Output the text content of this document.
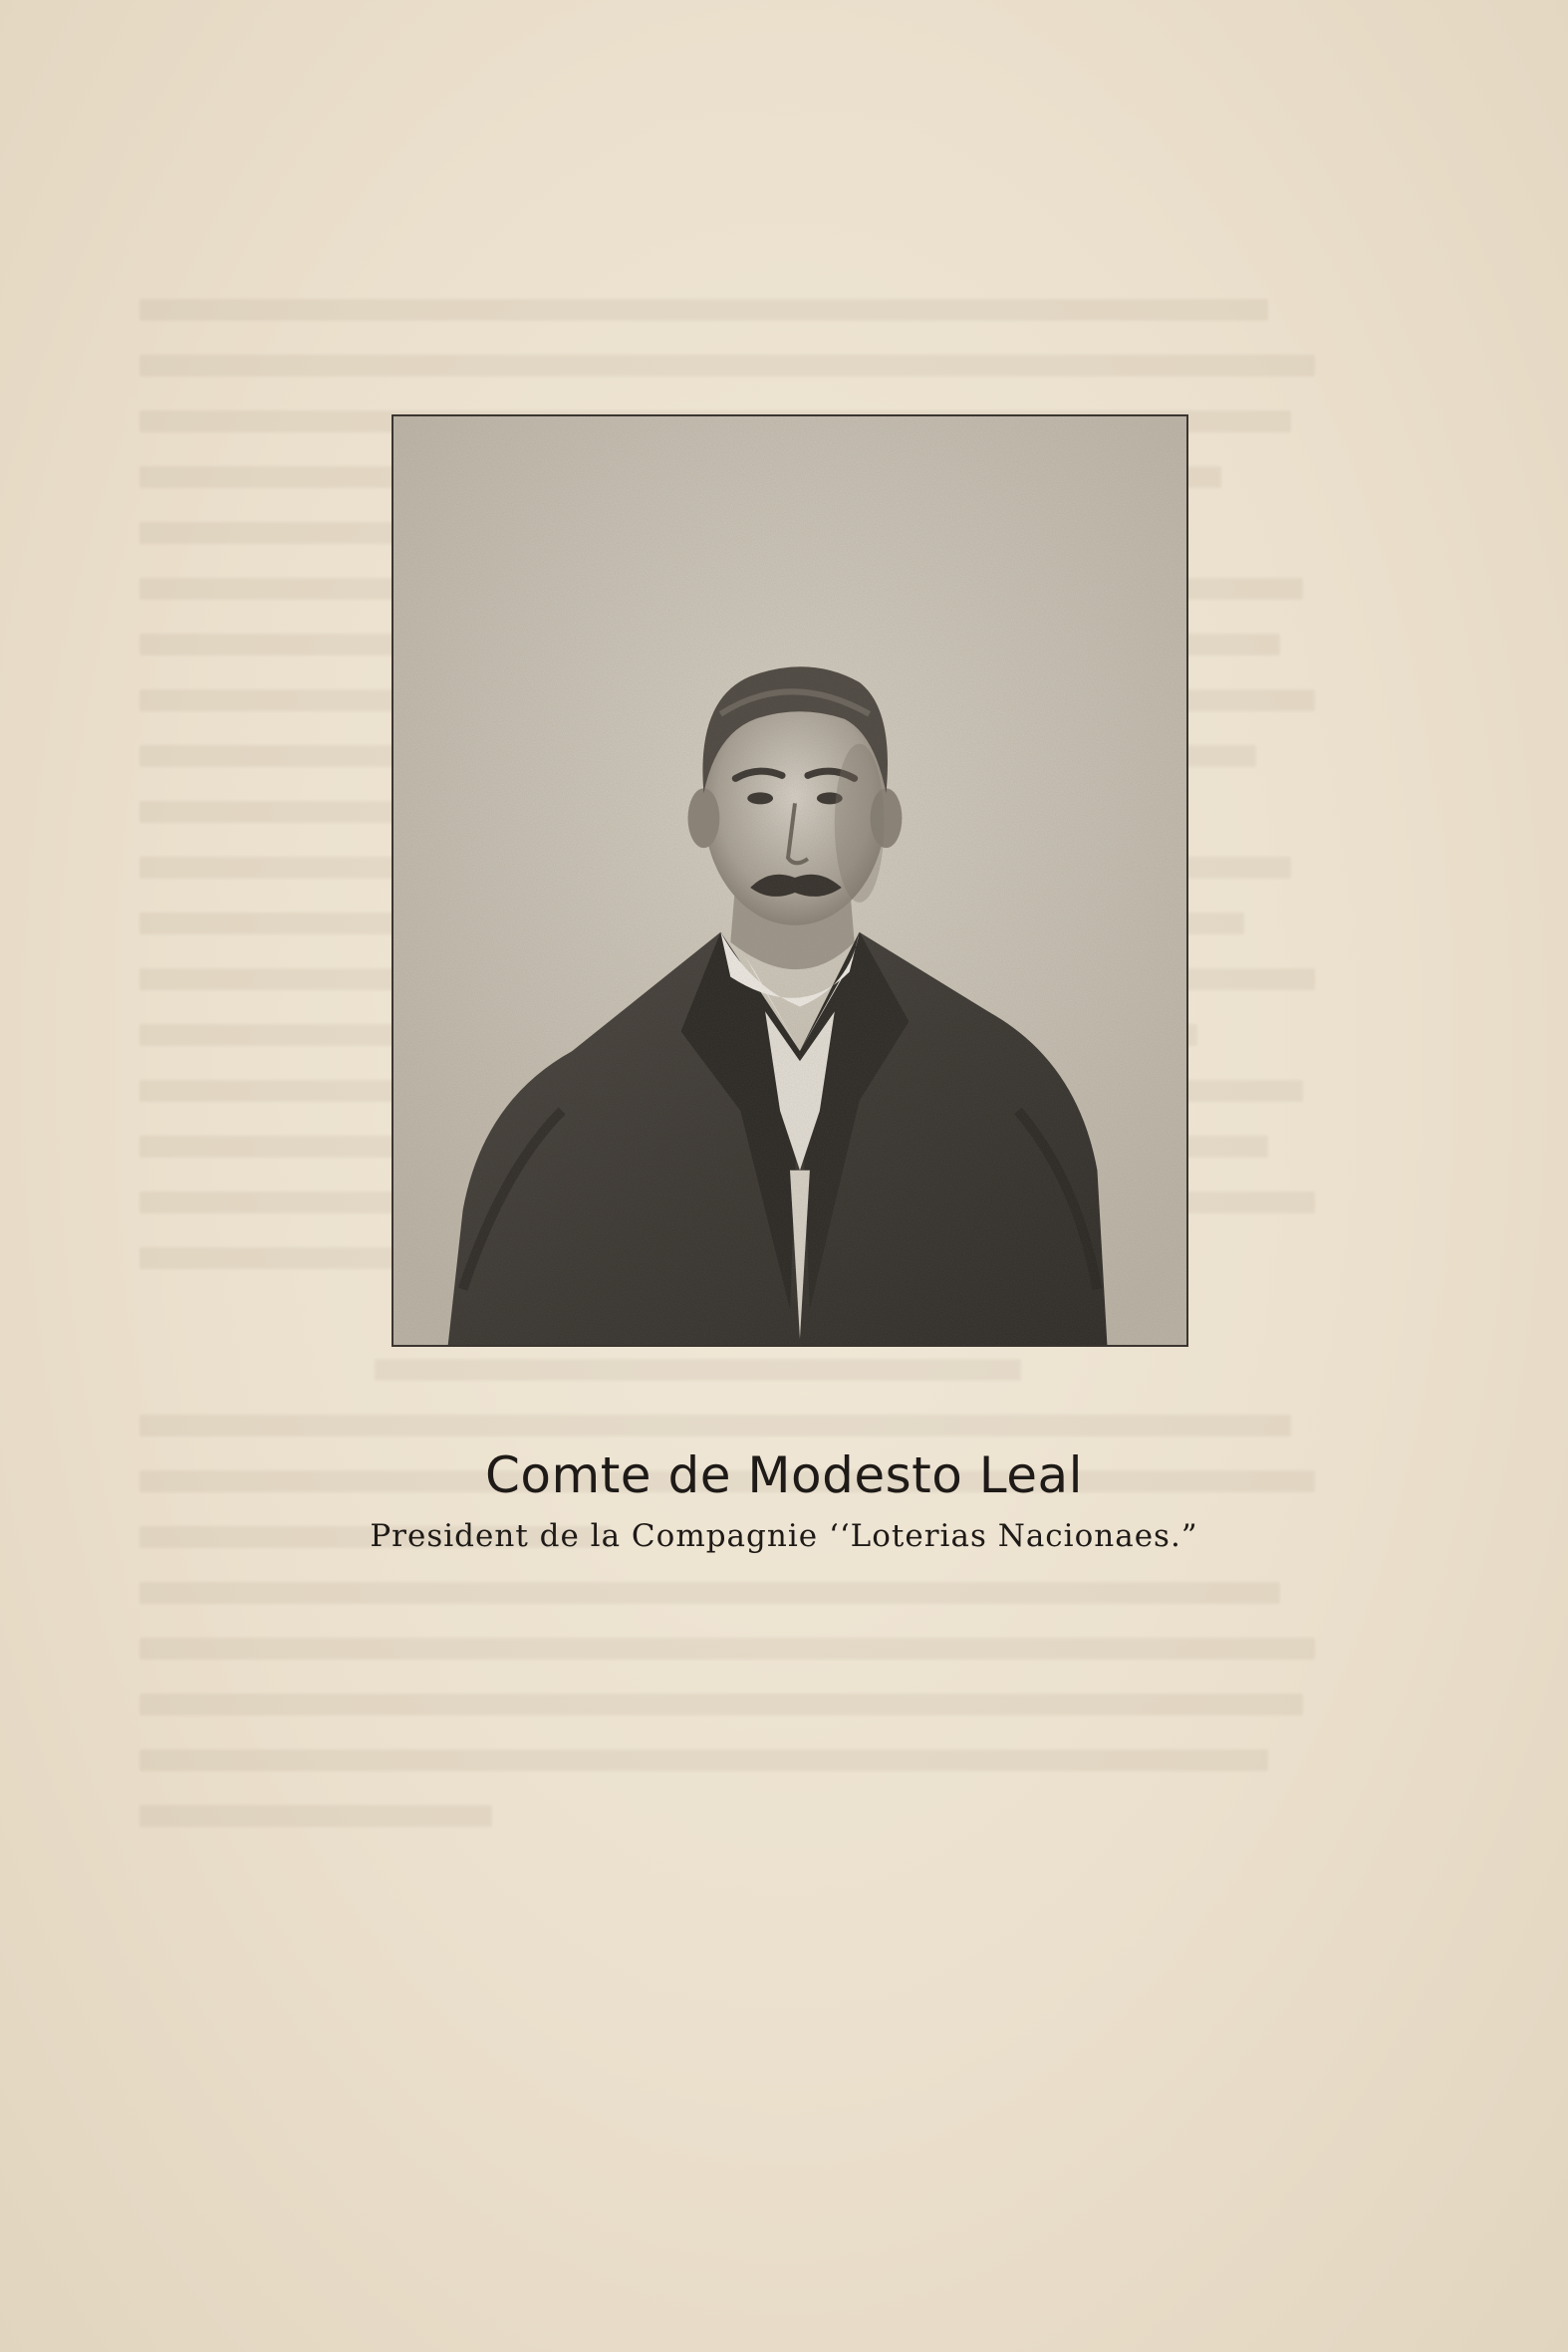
Comte de Modesto Leal
President de la Compagnie ‘‘Loterias Nacionaes.”
